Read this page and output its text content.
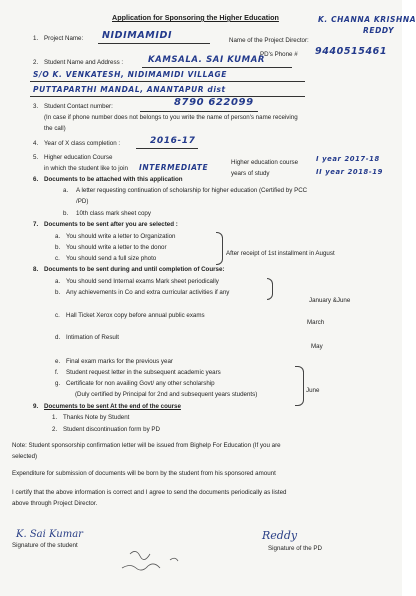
Application for Sponsoring the Higher Education
1. Project Name: NIDIMAMIDI
K. CHANNA KRISHNA
REDDY
Name of the Project Director:
PD's Phone # 9440515461
2. Student Name and Address :	KAMSALA. SAI KUMAR
S/O K. VENKATESH, NIDIMAMIDI VILLAGE
PUTTAPARTHI MANDAL, ANANTAPUR dist
3. Student Contact number:	8790 622099
(In case if phone number does not belongs to you write the name of person's name receiving
the call)
4. Year of X class completion :	2016-17
5. Higher education Course
in which the student like to join INTERMEDIATE
Higher education course
years of study
I year 2017-18
II year 2018-19
6. Documents to be attached with this application
a. A letter requesting continuation of scholarship for higher education (Certified by PCC
/PD)
b. 10th class mark sheet copy
7. Documents to be sent after you are selected :
a. You should write a letter to Organization
b. You should write a letter to the donor
c. You should send a full size photo
After receipt of 1st installment in August
8. Documents to be sent during and until completion of Course:
a. You should send Internal exams Mark sheet periodically
b. Any achievements in Co and extra curricular activities if any
January &June
c. Hall Ticket Xerox copy before annual public exams
March
d. Intimation of Result
May
e. Final exam marks for the previous year
f. Student request letter in the subsequent academic years
g. Certificate for non availing Govt/ any other scholarship
(Duly certified by Principal for 2nd and subsequent years students)
June
9. Documents to be sent At the end of the course
1. Thanks Note by Student
2. Student discontinuation form by PD
Note: Student sponsorship confirmation letter will be issued from Bighelp For Education (If you are
selected)
Expenditure for submission of documents will be born by the student from his sponsored amount
I certify that the above information is correct and I agree to send the documents periodically as listed
above through Project Director.
K. Sai Kumar
Signature of the student
Reddy
Signature of the PD
